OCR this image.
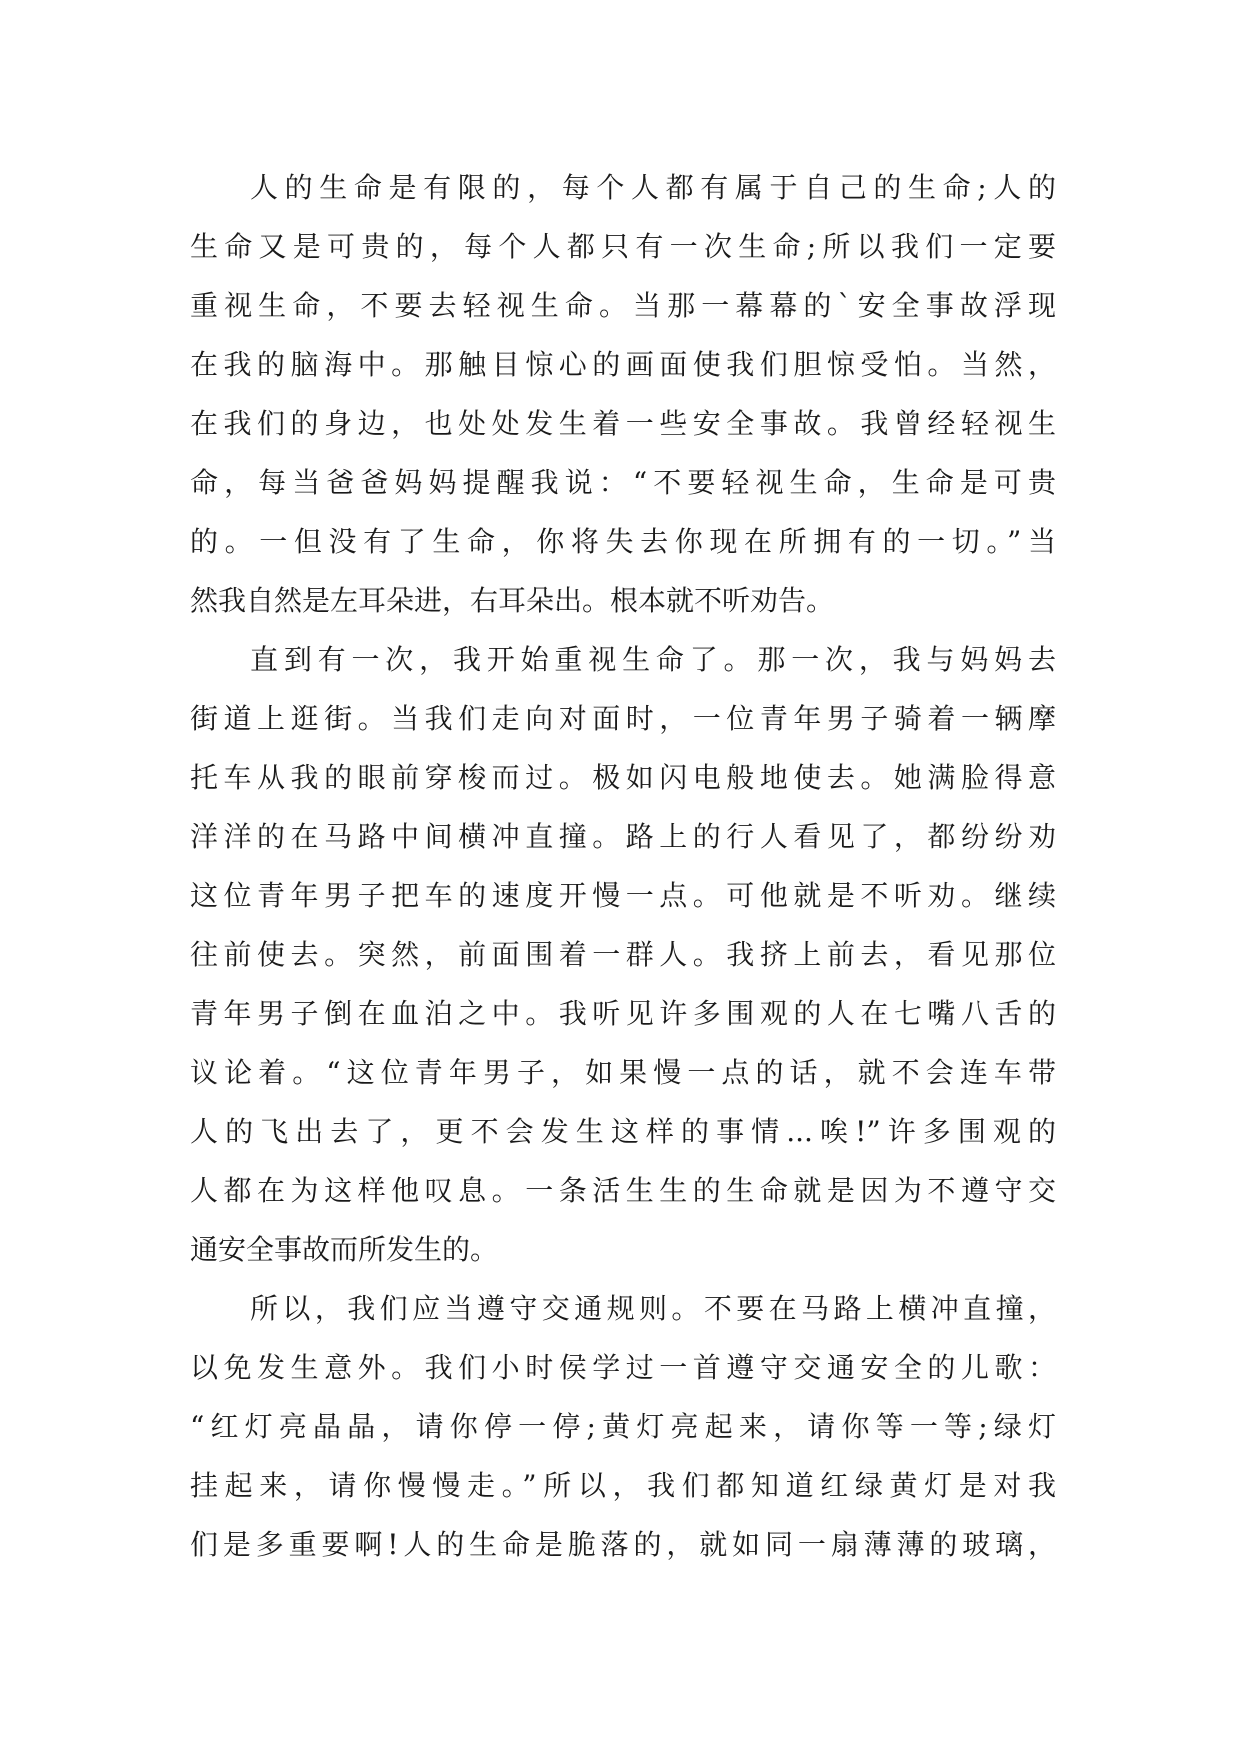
人的生命是有限的，每个人都有属于自己的生命;人的
生命又是可贵的，每个人都只有一次生命;所以我们一定要
重视生命，不要去轻视生命。当那一幕幕的`安全事故浮现
在我的脑海中。那触目惊心的画面使我们胆惊受怕。当然，
在我们的身边，也处处发生着一些安全事故。我曾经轻视生
命，每当爸爸妈妈提醒我说：“不要轻视生命，生命是可贵
的。一但没有了生命，你将失去你现在所拥有的一切。”当
然我自然是左耳朵进，右耳朵出。根本就不听劝告。
直到有一次，我开始重视生命了。那一次，我与妈妈去
街道上逛街。当我们走向对面时，一位青年男子骑着一辆摩
托车从我的眼前穿梭而过。极如闪电般地使去。她满脸得意
洋洋的在马路中间横冲直撞。路上的行人看见了，都纷纷劝
这位青年男子把车的速度开慢一点。可他就是不听劝。继续
往前使去。突然，前面围着一群人。我挤上前去，看见那位
青年男子倒在血泊之中。我听见许多围观的人在七嘴八舌的
议论着。“这位青年男子，如果慢一点的话，就不会连车带
人的飞出去了，更不会发生这样的事情...唉!”许多围观的
人都在为这样他叹息。一条活生生的生命就是因为不遵守交
通安全事故而所发生的。
所以，我们应当遵守交通规则。不要在马路上横冲直撞，
以免发生意外。我们小时侯学过一首遵守交通安全的儿歌：
“红灯亮晶晶，请你停一停;黄灯亮起来，请你等一等;绿灯
挂起来，请你慢慢走。”所以，我们都知道红绿黄灯是对我
们是多重要啊!人的生命是脆落的，就如同一扇薄薄的玻璃，
